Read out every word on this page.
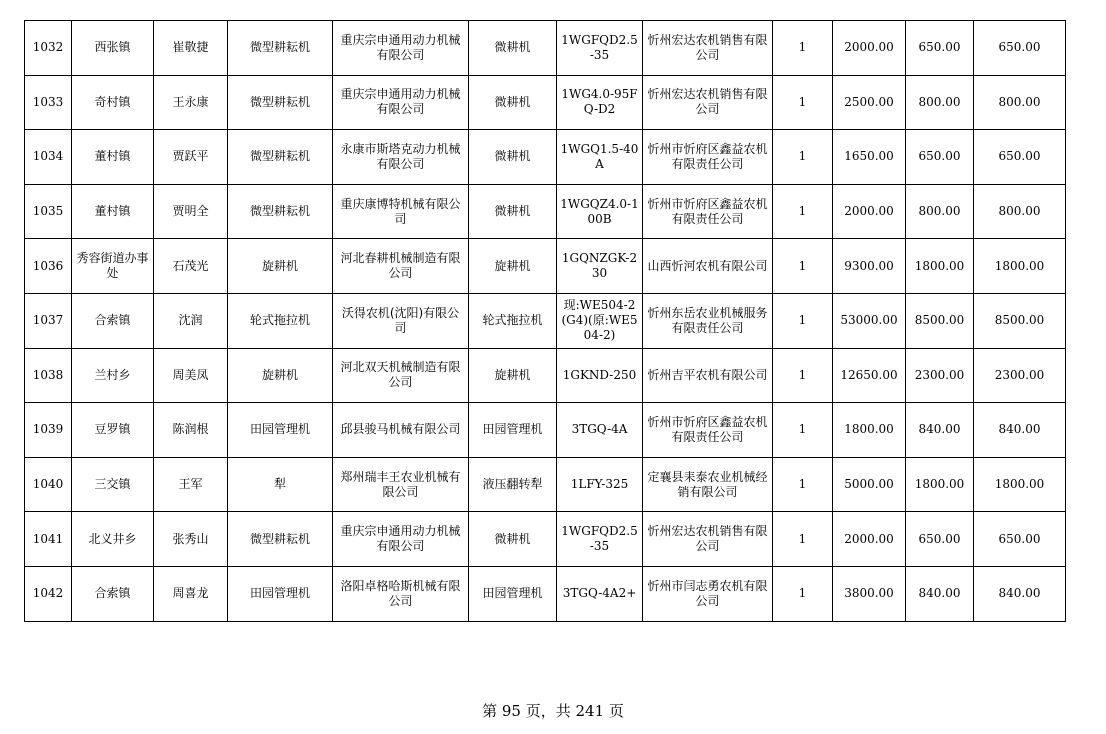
1032	西张镇	崔敬捷	微型耕耘机	重庆宗申通用动力机械有限公司	微耕机	1WGFQD2.5-35	忻州宏达农机销售有限公司	1	2000.00	650.00	650.00
1033	奇村镇	王永康	微型耕耘机	重庆宗申通用动力机械有限公司	微耕机	1WG4.0-95FQ-D2	忻州宏达农机销售有限公司	1	2500.00	800.00	800.00
1034	董村镇	贾跃平	微型耕耘机	永康市斯塔克动力机械有限公司	微耕机	1WGQ1.5-40A	忻州市忻府区鑫益农机有限责任公司	1	1650.00	650.00	650.00
1035	董村镇	贾明全	微型耕耘机	重庆康博特机械有限公司	微耕机	1WGQZ4.0-100B	忻州市忻府区鑫益农机有限责任公司	1	2000.00	800.00	800.00
1036	秀容街道办事处	石茂光	旋耕机	河北春耕机械制造有限公司	旋耕机	1GQNZGK-230	山西忻河农机有限公司	1	9300.00	1800.00	1800.00
1037	合索镇	沈润	轮式拖拉机	沃得农机(沈阳)有限公司	轮式拖拉机	现:WE504-2(G4)(原:WE504-2)	忻州东岳农业机械服务有限责任公司	1	53000.00	8500.00	8500.00
1038	兰村乡	周美凤	旋耕机	河北双天机械制造有限公司	旋耕机	1GKND-250	忻州吉平农机有限公司	1	12650.00	2300.00	2300.00
1039	豆罗镇	陈润根	田园管理机	邱县骏马机械有限公司	田园管理机	3TGQ-4A	忻州市忻府区鑫益农机有限责任公司	1	1800.00	840.00	840.00
1040	三交镇	王军	犁	郑州瑞丰王农业机械有限公司	液压翻转犁	1LFY-325	定襄县耒泰农业机械经销有限公司	1	5000.00	1800.00	1800.00
1041	北义井乡	张秀山	微型耕耘机	重庆宗申通用动力机械有限公司	微耕机	1WGFQD2.5-35	忻州宏达农机销售有限公司	1	2000.00	650.00	650.00
1042	合索镇	周喜龙	田园管理机	洛阳卓格哈斯机械有限公司	田园管理机	3TGQ-4A2+	忻州市闫志勇农机有限公司	1	3800.00	840.00	840.00
第 95 页，共 241 页
